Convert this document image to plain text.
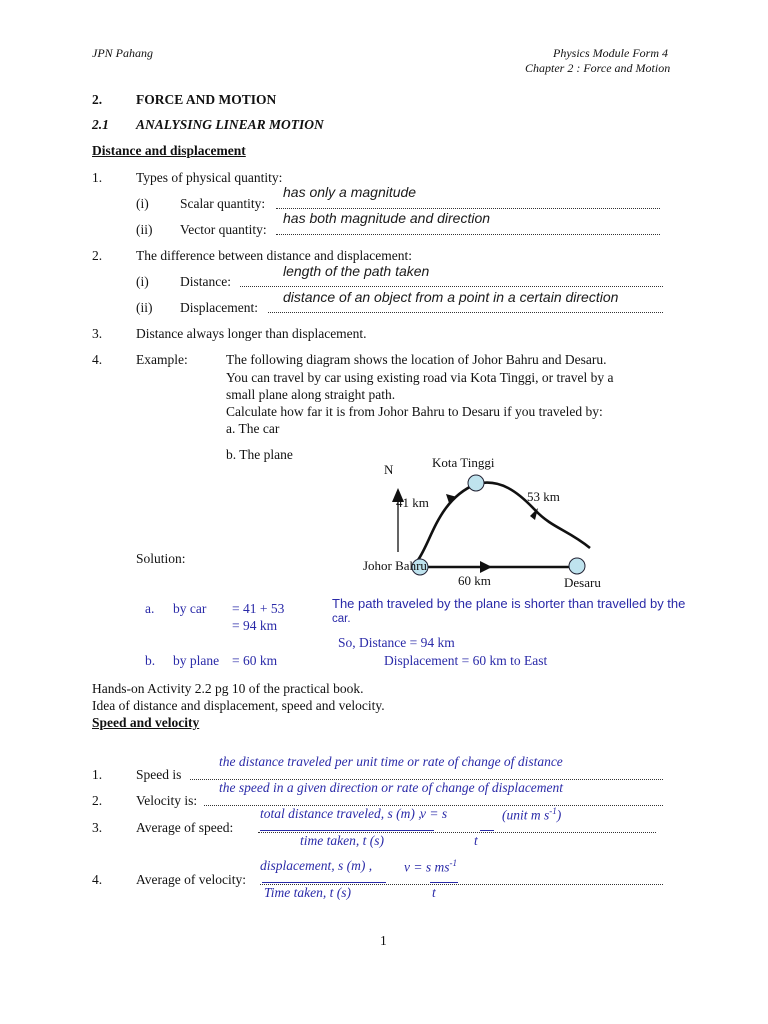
JPN Pahang	Physics Module Form 4
Chapter 2 : Force and Motion
2.	FORCE AND MOTION
2.1 ANALYSING LINEAR MOTION
Distance and displacement
1.	Types of physical quantity:
(i) Scalar quantity:
has only a magnitude
(ii) Vector quantity:
has both magnitude and direction
2.	The difference between distance and displacement:
(i) Distance:
length of the path taken
(ii) Displacement:
distance of an object from a point in a certain direction
3.	Distance always longer than displacement.
4.	Example:	The following diagram shows the location of Johor Bahru and Desaru.
You can travel by car using existing road via Kota Tinggi, or travel by a
small plane along straight path.
Calculate how far it is from Johor Bahru to Desaru if you traveled by:
a. The car
b. The plane
N	Kota Tinggi
41 km	53 km
Johor Bahru
60 km	Desaru
Solution:
a. by car = 41 + 53
= 94 km
b. by plane = 60 km
The path traveled by the plane is shorter than travelled by the
car.
So, Distance = 94 km
Displacement = 60 km to East
Hands-on Activity 2.2 pg 10 of the practical book.
Idea of distance and displacement, speed and velocity.
Speed and velocity
1.	Speed is
the distance traveled per unit time or rate of change of distance
2.	Velocity is:
the speed in a given direction or rate of change of displacement
3.	Average of speed:
total distance traveled, s (m) ,
v = s	(unit m $s^{-1}$)
time taken, t (s)	t
4.	Average of velocity:
displacement, s (m) , v = s $ms^{-1}$
Time taken, t (s)	t
1
